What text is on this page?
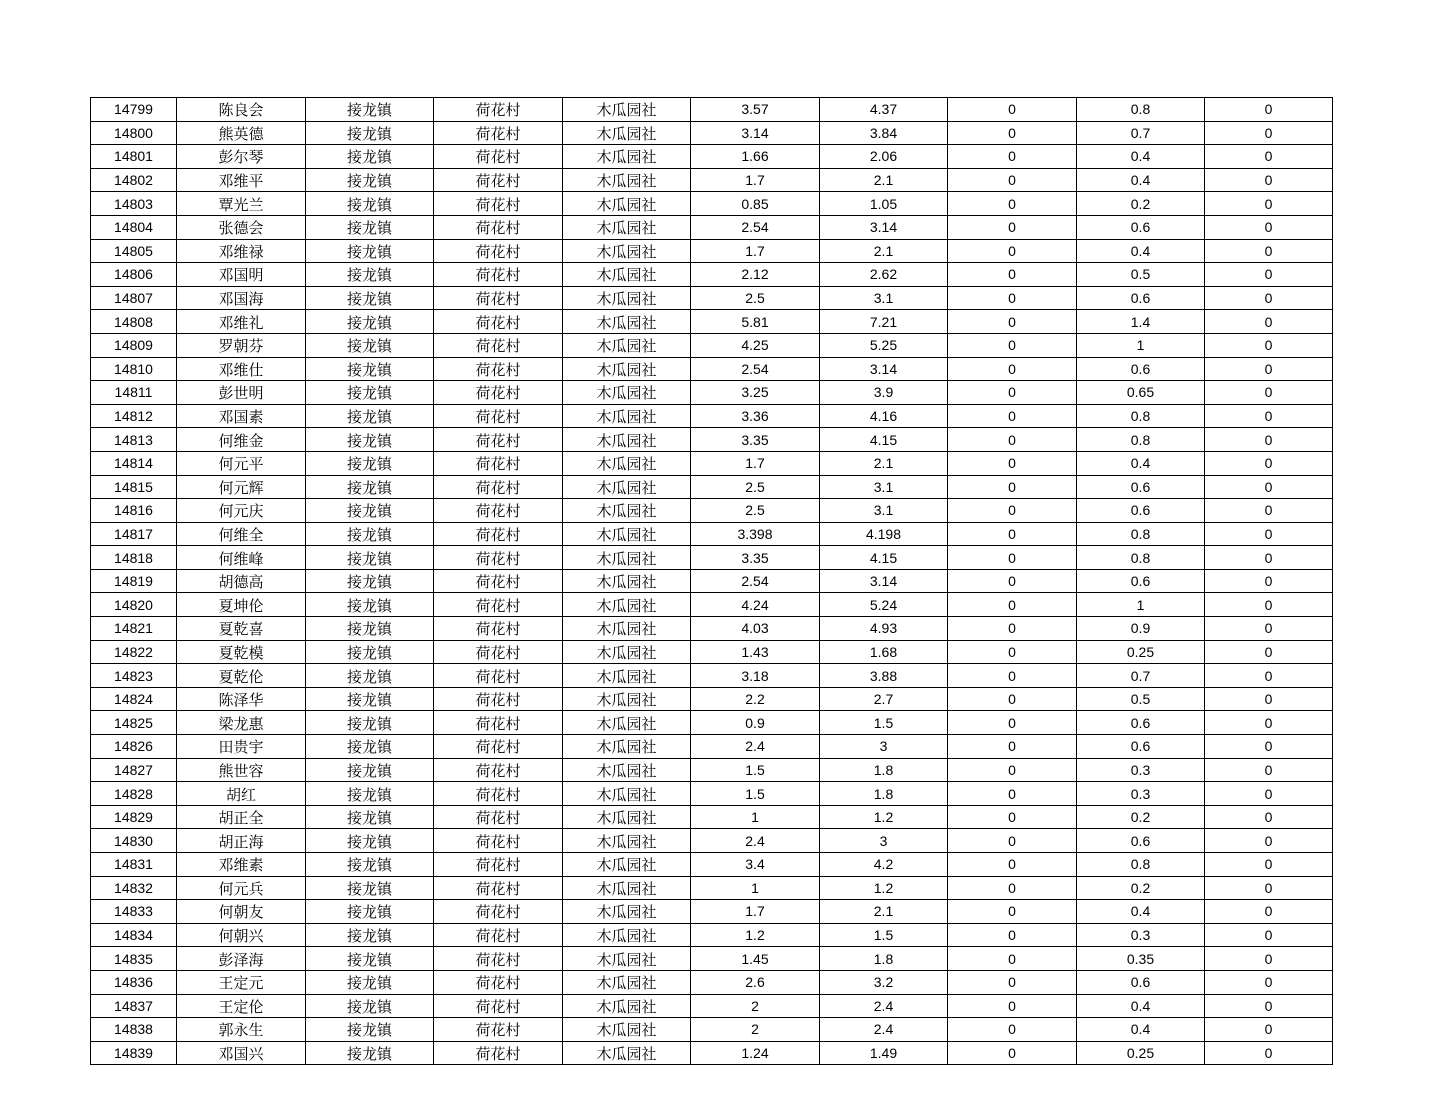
14799	陈良会	接龙镇	荷花村	木瓜园社	3.57	4.37	0	0.8	0
14800	熊英德	接龙镇	荷花村	木瓜园社	3.14	3.84	0	0.7	0
14801	彭尔琴	接龙镇	荷花村	木瓜园社	1.66	2.06	0	0.4	0
14802	邓维平	接龙镇	荷花村	木瓜园社	1.7	2.1	0	0.4	0
14803	覃光兰	接龙镇	荷花村	木瓜园社	0.85	1.05	0	0.2	0
14804	张德会	接龙镇	荷花村	木瓜园社	2.54	3.14	0	0.6	0
14805	邓维禄	接龙镇	荷花村	木瓜园社	1.7	2.1	0	0.4	0
14806	邓国明	接龙镇	荷花村	木瓜园社	2.12	2.62	0	0.5	0
14807	邓国海	接龙镇	荷花村	木瓜园社	2.5	3.1	0	0.6	0
14808	邓维礼	接龙镇	荷花村	木瓜园社	5.81	7.21	0	1.4	0
14809	罗朝芬	接龙镇	荷花村	木瓜园社	4.25	5.25	0	1	0
14810	邓维仕	接龙镇	荷花村	木瓜园社	2.54	3.14	0	0.6	0
14811	彭世明	接龙镇	荷花村	木瓜园社	3.25	3.9	0	0.65	0
14812	邓国素	接龙镇	荷花村	木瓜园社	3.36	4.16	0	0.8	0
14813	何维金	接龙镇	荷花村	木瓜园社	3.35	4.15	0	0.8	0
14814	何元平	接龙镇	荷花村	木瓜园社	1.7	2.1	0	0.4	0
14815	何元辉	接龙镇	荷花村	木瓜园社	2.5	3.1	0	0.6	0
14816	何元庆	接龙镇	荷花村	木瓜园社	2.5	3.1	0	0.6	0
14817	何维全	接龙镇	荷花村	木瓜园社	3.398	4.198	0	0.8	0
14818	何维峰	接龙镇	荷花村	木瓜园社	3.35	4.15	0	0.8	0
14819	胡德高	接龙镇	荷花村	木瓜园社	2.54	3.14	0	0.6	0
14820	夏坤伦	接龙镇	荷花村	木瓜园社	4.24	5.24	0	1	0
14821	夏乾喜	接龙镇	荷花村	木瓜园社	4.03	4.93	0	0.9	0
14822	夏乾模	接龙镇	荷花村	木瓜园社	1.43	1.68	0	0.25	0
14823	夏乾伦	接龙镇	荷花村	木瓜园社	3.18	3.88	0	0.7	0
14824	陈泽华	接龙镇	荷花村	木瓜园社	2.2	2.7	0	0.5	0
14825	梁龙惠	接龙镇	荷花村	木瓜园社	0.9	1.5	0	0.6	0
14826	田贵宇	接龙镇	荷花村	木瓜园社	2.4	3	0	0.6	0
14827	熊世容	接龙镇	荷花村	木瓜园社	1.5	1.8	0	0.3	0
14828	胡红	接龙镇	荷花村	木瓜园社	1.5	1.8	0	0.3	0
14829	胡正全	接龙镇	荷花村	木瓜园社	1	1.2	0	0.2	0
14830	胡正海	接龙镇	荷花村	木瓜园社	2.4	3	0	0.6	0
14831	邓维素	接龙镇	荷花村	木瓜园社	3.4	4.2	0	0.8	0
14832	何元兵	接龙镇	荷花村	木瓜园社	1	1.2	0	0.2	0
14833	何朝友	接龙镇	荷花村	木瓜园社	1.7	2.1	0	0.4	0
14834	何朝兴	接龙镇	荷花村	木瓜园社	1.2	1.5	0	0.3	0
14835	彭泽海	接龙镇	荷花村	木瓜园社	1.45	1.8	0	0.35	0
14836	王定元	接龙镇	荷花村	木瓜园社	2.6	3.2	0	0.6	0
14837	王定伦	接龙镇	荷花村	木瓜园社	2	2.4	0	0.4	0
14838	郭永生	接龙镇	荷花村	木瓜园社	2	2.4	0	0.4	0
14839	邓国兴	接龙镇	荷花村	木瓜园社	1.24	1.49	0	0.25	0
